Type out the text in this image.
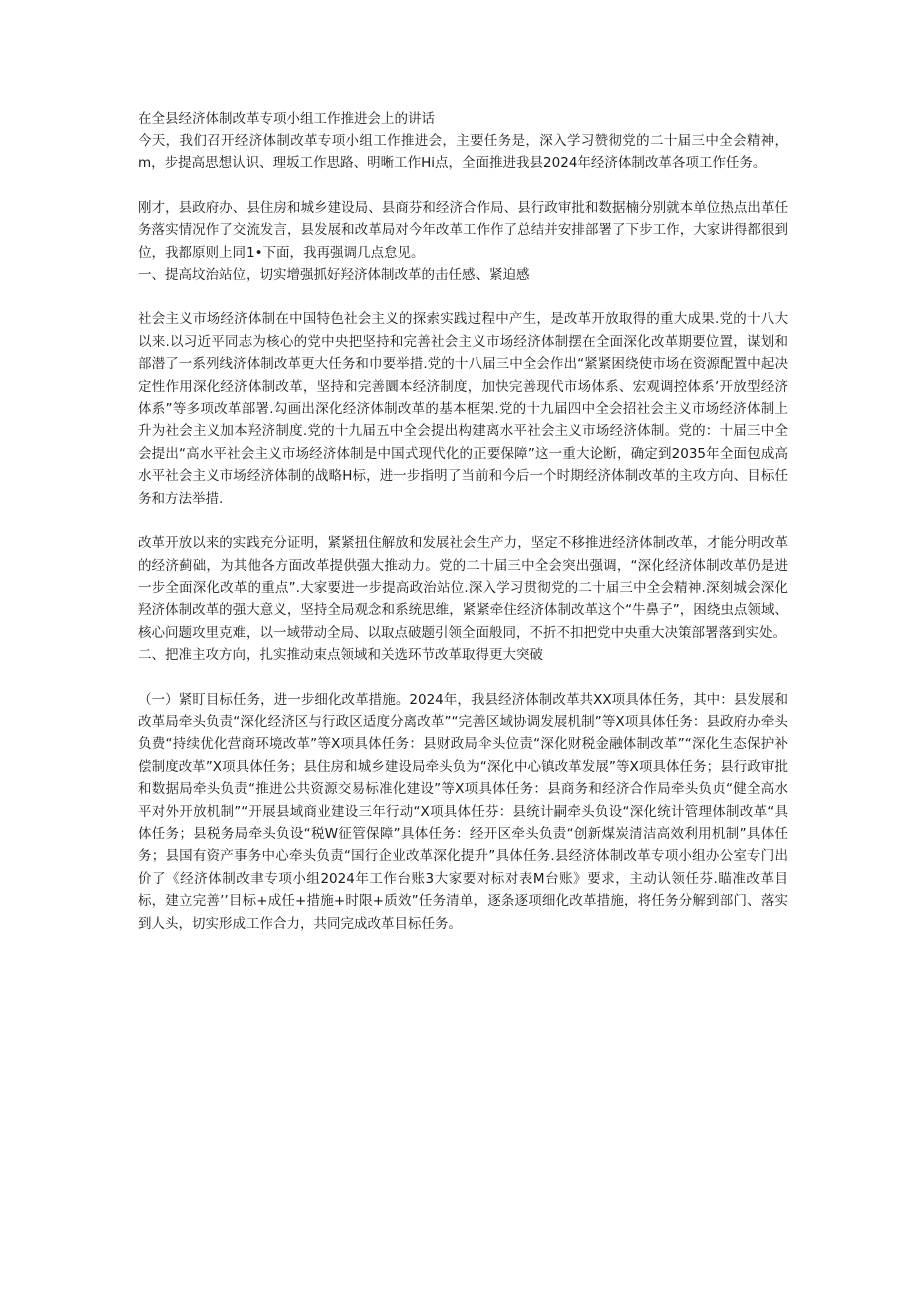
在全县经济体制改革专项小组工作推进会上的讲话

今天，我们召开经济体制改革专项小组工作推进会，主要任务是，深入学习赞彻党的二十届三中全会精神，m，步提高思想认识、理坂工作思路、明晰工作Hi点，全面推进我县2024年经济体制改革各项工作任务。

刚才，县政府办、县住房和城乡建设局、县商芬和经济合作局、县行政审批和数据楠分别就本单位热点出革任务落实情况作了交流发言，县发展和改革局对今年改革工作作了总结并安排部署了下步工作，大家讲得都很到位，我都原则上同1•下面，我再强调几点怠见。

一、提高坟治站位，切实增强抓好羟济体制改革的击任感、紧迫感

社会主义市场经济体制在中国特色社会主义的探索实践过程中产生，是改革开放取得的重大成果.党的十八大以来.以习近平同志为核心的党中央把坚持和完善社会主义市场经济体制摆在全面深化改革期要位置，谋划和部潜了一系列线济体制改革更大任务和巾要举措.党的十八届三中全会作出“紧紧困绕使市场在资源配置中起决定性作用深化经济体制改革，坚持和完善圜本经济制度，加快完善现代市场体系、宏观调控体系’开放型经济体系”等多项改革部署.勾画出深化经济体制改革的基本框架.党的十九届四中全会招社会主义市场经济体制上升为社会主义加本羟济制度.党的十九届五中全会提出构建离水平社会主义市场经济体制。党的：十届三中全会提出“高水平社会主义市场经济体制是中国式现代化的正要保障”这一重大论断，确定到2035年全面包成高水平社会主义市场经济体制的战略H标，进一步指明了当前和今后一个时期经济体制改革的主攻方向、目标任务和方法举措.

改革开放以来的实践充分证明，紧紧扭住解放和发展社会生产力，坚定不移推进经济体制改革，才能分明改革的经济蓟础，为其他各方面改革提供强大推动力。党的二十届三中全会突出强调，“深化经济体制改革仍是进一步全面深化改革的重点”.大家要进一步提高政治站位.深入学习贯彻党的二十届三中全会精神.深刻城会深化羟济体制改革的强大意义，坚持全局观念和系统思维，紧紧牵住经济体制改革这个“牛鼻子”，困绕虫点领域、核心问题攻里克难，以一域带动全局、以取点破题引领全面般同，不折不扣把党中央重大决策部署落到实处。

二、把准主攻方向，扎实推动束点领域和关选环节改革取得更大突破

（一）紧盯目标任务，进一步细化改革措施。2024年，我县经济体制改革共XX项具体任务，其中：县发展和改革局牵头负责“深化经济区与行政区适度分离改革”“完善区域协调发展机制”等X项具体任务：县政府办牵头负费“持续优化营商环境改革”等X项具体任务：县财政局伞头位责“深化财税金融体制改革”“深化生态保护补偿制度改革”X项具体任务；县住房和城乡建设局牵头负为“深化中心镇改革发展”等X项具体任务；县行政审批和数据局牵头负责“推进公共资源交易标准化建设”等X项具体任务：县商务和经济合作局牵头负贞“健全高水平对外开放机制”“开展县域商业建设三年行动“X项具体任芬：县统计嗣牵头负设“深化统计管理体制改革“具体任务；县税务局牵头负设“税W征管保障”具体任务：经开区牵头负责“创新煤炭清洁高效利用机制”具体任务；县国有资产事务中心牵头负责“国行企业改革深化提升”具体任务.县经济体制改革专项小组办公室专门出价了《经济体制改聿专项小组2024年工作台账3大家要对标对表M台账》要求，主动认领任芬.瞄准改革目标，建立完善’’目标+成任+措施+时限+质效”任务清单，逐条逐项细化改革措施，将任务分解到部门、落实到人头，切实形成工作合力，共同完成改革目标任务。
